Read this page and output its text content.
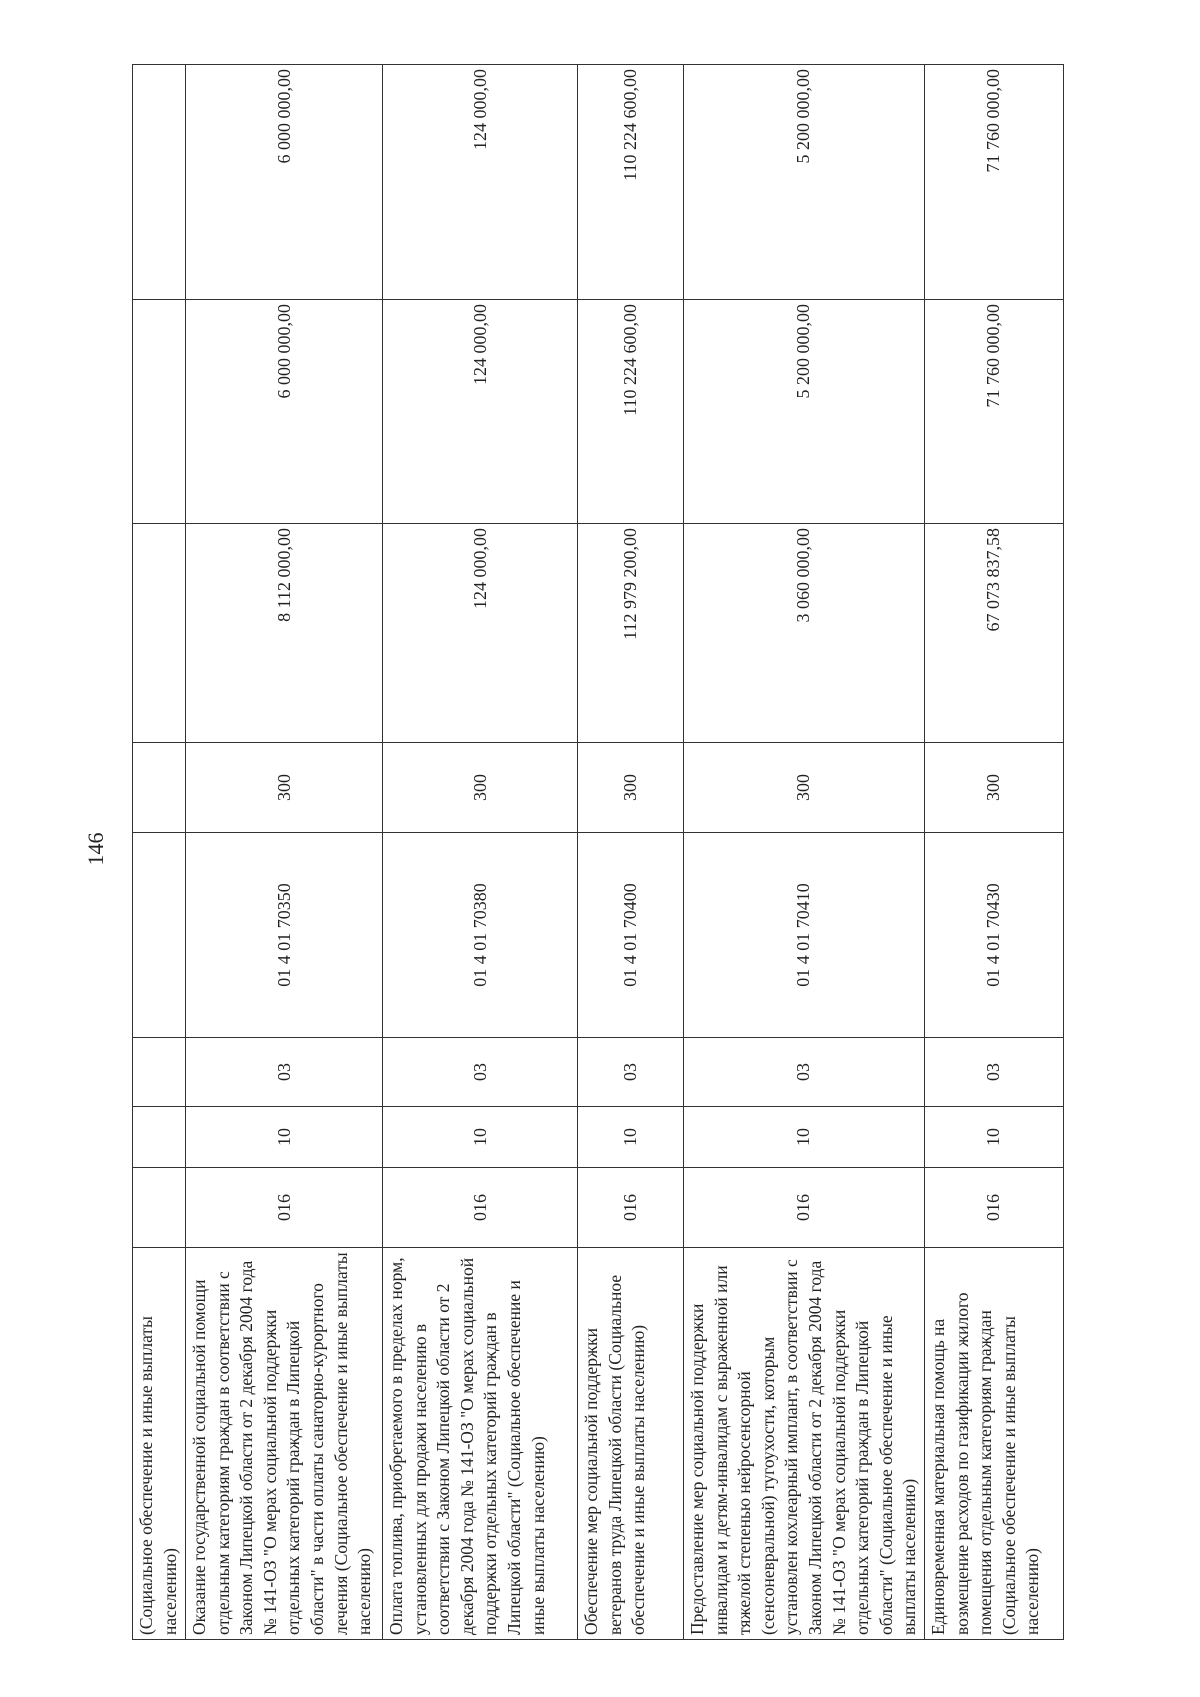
146
(Социальное обеспечение и иные выплаты населению)								
Оказание государственной социальной помощи отдельным категориям граждан в соответствии с Законом Липецкой области от 2 декабря 2004 года № 141-ОЗ "О мерах социальной поддержки отдельных категорий граждан в Липецкой области" в части оплаты санаторно-курортного лечения (Социальное обеспечение и иные выплаты населению)	016	10	03	01 4 01 70350	300	8 112 000,00	6 000 000,00	6 000 000,00
Оплата топлива, приобретаемого в пределах норм, установленных для продажи населению в соответствии с Законом Липецкой области от 2 декабря 2004 года № 141-ОЗ "О мерах социальной поддержки отдельных категорий граждан в Липецкой области" (Социальное обеспечение и иные выплаты населению)	016	10	03	01 4 01 70380	300	124 000,00	124 000,00	124 000,00
Обеспечение мер социальной поддержки ветеранов труда Липецкой области (Социальное обеспечение и иные выплаты населению)	016	10	03	01 4 01 70400	300	112 979 200,00	110 224 600,00	110 224 600,00
Предоставление мер социальной поддержки инвалидам и детям-инвалидам с выраженной или тяжелой степенью нейросенсорной (сенсоневральной) тугоухости, которым установлен кохлеарный имплант, в соответствии с Законом Липецкой области от 2 декабря 2004 года № 141-ОЗ "О мерах социальной поддержки отдельных категорий граждан в Липецкой области" (Социальное обеспечение и иные выплаты населению)	016	10	03	01 4 01 70410	300	3 060 000,00	5 200 000,00	5 200 000,00
Единовременная материальная помощь на возмещение расходов по газификации жилого помещения отдельным категориям граждан (Социальное обеспечение и иные выплаты населению)	016	10	03	01 4 01 70430	300	67 073 837,58	71 760 000,00	71 760 000,00
